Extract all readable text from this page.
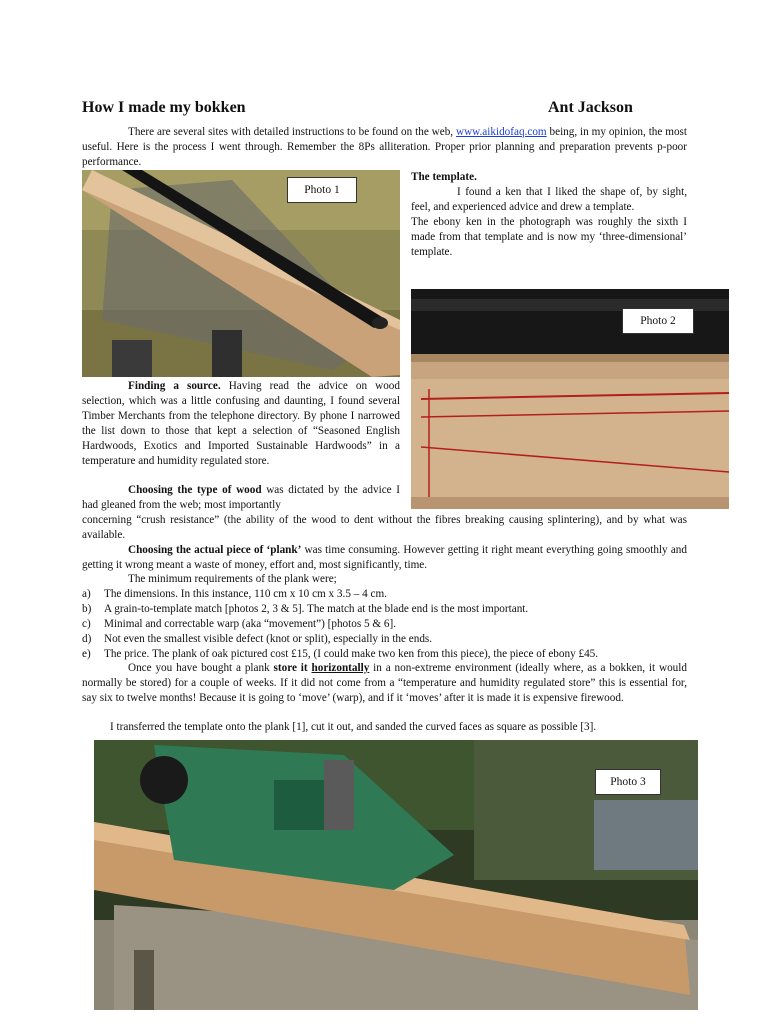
How I made my bokken	Ant Jackson
There are several sites with detailed instructions to be found on the web, www.aikidofaq.com being, in my opinion, the most useful. Here is the process I went through. Remember the 8Ps alliteration. Proper prior planning and preparation prevents p-poor performance.
Photo 1

The template.

I found a ken that I liked the shape of, by sight, feel, and experienced advice and drew a template.

The ebony ken in the photograph was roughly the sixth I made from that template and is now my ‘three-dimensional’ template.

Photo 2
Finding a source. Having read the advice on wood selection, which was a little confusing and daunting, I found several Timber Merchants from the telephone directory. By phone I narrowed the list down to those that kept a selection of “Seasoned English Hardwoods, Exotics and Imported Sustainable Hardwoods” in a temperature and humidity regulated store.
Choosing the type of wood was dictated by the advice I had gleaned from the web; most importantly
concerning “crush resistance” (the ability of the wood to dent without the fibres breaking causing splintering), and by what was available.
Choosing the actual piece of ‘plank’ was time consuming. However getting it right meant everything going smoothly and getting it wrong meant a waste of money, effort and, most significantly, time.
The minimum requirements of the plank were;
a)	The dimensions. In this instance, 110 cm x 10 cm x 3.5 – 4 cm.
b)	A grain-to-template match [photos 2, 3 & 5]. The match at the blade end is the most important.
c)	Minimal and correctable warp (aka “movement”) [photos 5 & 6].
d)	Not even the smallest visible defect (knot or split), especially in the ends.
e)	The price. The plank of oak pictured cost £15, (I could make two ken from this piece), the piece of ebony £45.
Once you have bought a plank store it horizontally in a non-extreme environment (ideally where, as a bokken, it would normally be stored) for a couple of weeks. If it did not come from a “temperature and humidity regulated store” this is essential for, say six to twelve months! Because it is going to ‘move’ (warp), and if it ‘moves’ after it is made it is expensive firewood.
I transferred the template onto the plank [1], cut it out, and sanded the curved faces as square as possible [3].
Photo 3
